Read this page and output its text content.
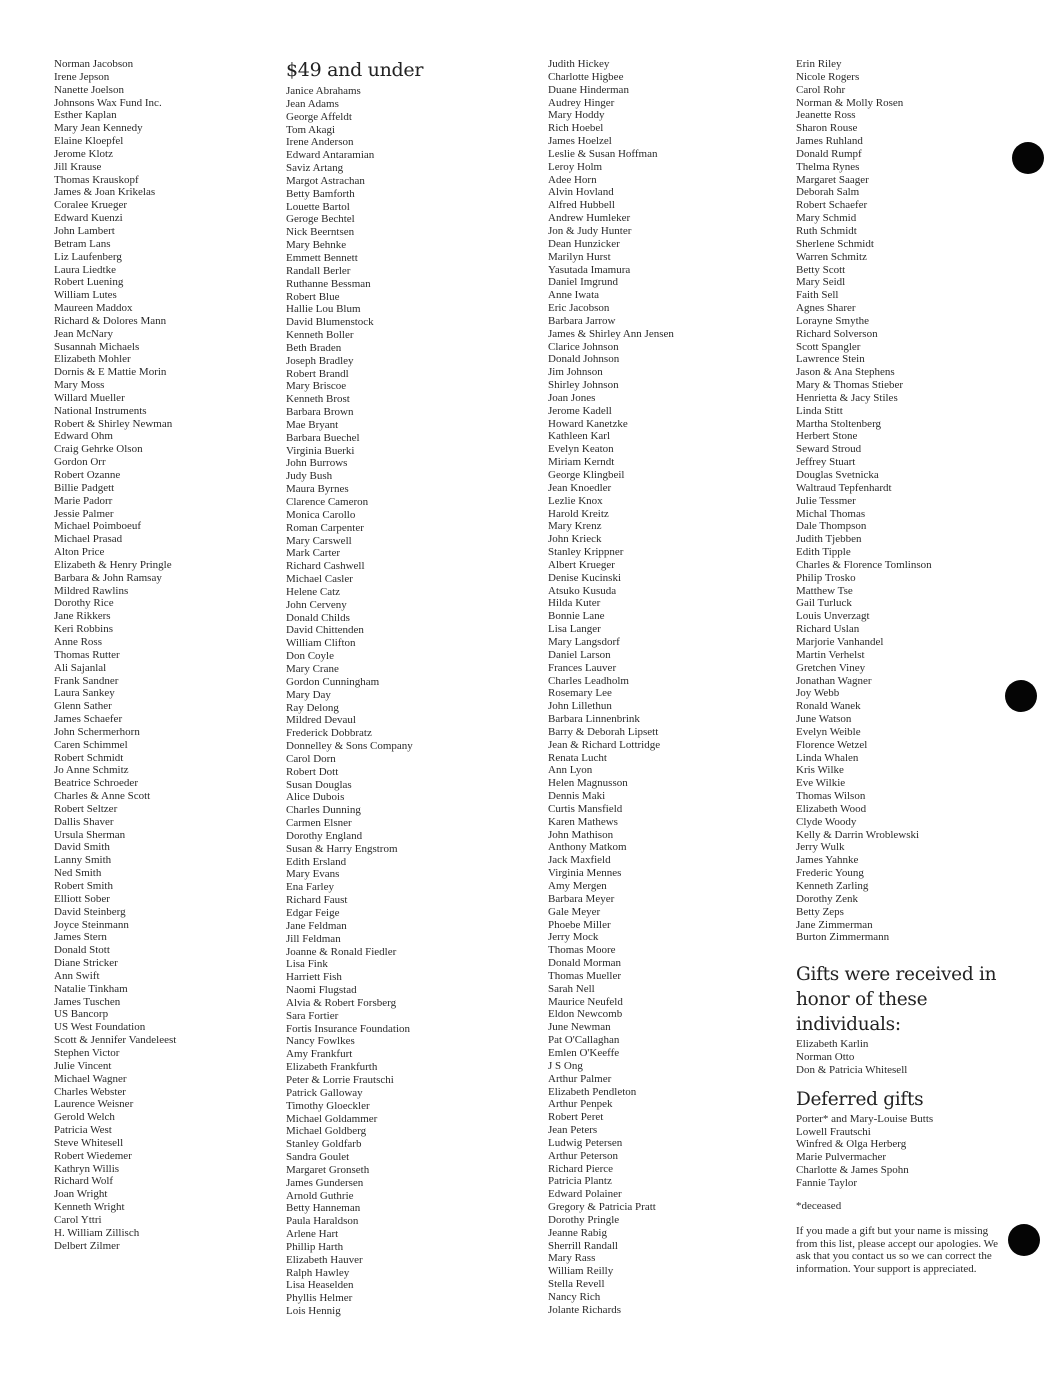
Norman Jacobson
Irene Jepson
Nanette Joelson
Johnsons Wax Fund Inc.
Esther Kaplan
Mary Jean Kennedy
Elaine Kloepfel
Jerome Klotz
Jill Krause
Thomas Krauskopf
James & Joan Krikelas
Coralee Krueger
Edward Kuenzi
John Lambert
Betram Lans
Liz Laufenberg
Laura Liedtke
Robert Luening
William Lutes
Maureen Maddox
Richard & Dolores Mann
Jean McNary
Susannah Michaels
Elizabeth Mohler
Dornis & E Mattie Morin
Mary Moss
Willard Mueller
National Instruments
Robert & Shirley Newman
Edward Ohm
Craig Gehrke Olson
Gordon Orr
Robert Ozanne
Billie Padgett
Marie Padorr
Jessie Palmer
Michael Poimboeuf
Michael Prasad
Alton Price
Elizabeth & Henry Pringle
Barbara & John Ramsay
Mildred Rawlins
Dorothy Rice
Jane Rikkers
Keri Robbins
Anne Ross
Thomas Rutter
Ali Sajanlal
Frank Sandner
Laura Sankey
Glenn Sather
James Schaefer
John Schermerhorn
Caren Schimmel
Robert Schmidt
Jo Anne Schmitz
Beatrice Schroeder
Charles & Anne Scott
Robert Seltzer
Dallis Shaver
Ursula Sherman
David Smith
Lanny Smith
Ned Smith
Robert Smith
Elliott Sober
David Steinberg
Joyce Steinmann
James Stern
Donald Stott
Diane Stricker
Ann Swift
Natalie Tinkham
James Tuschen
US Bancorp
US West Foundation
Scott & Jennifer Vandeleest
Stephen Victor
Julie Vincent
Michael Wagner
Charles Webster
Laurence Weisner
Gerold Welch
Patricia West
Steve Whitesell
Robert Wiedemer
Kathryn Willis
Richard Wolf
Joan Wright
Kenneth Wright
Carol Yttri
H. William Zillisch
Delbert Zilmer
$49 and under
Janice Abrahams
Jean Adams
George Affeldt
Tom Akagi
Irene Anderson
Edward Antaramian
Saviz Artang
Margot Astrachan
Betty Bamforth
Louette Bartol
Geroge Bechtel
Nick Beerntsen
Mary Behnke
Emmett Bennett
Randall Berler
Ruthanne Bessman
Robert Blue
Hallie Lou Blum
David Blumenstock
Kenneth Boller
Beth Braden
Joseph Bradley
Robert Brandl
Mary Briscoe
Kenneth Brost
Barbara Brown
Mae Bryant
Barbara Buechel
Virginia Buerki
John Burrows
Judy Bush
Maura Byrnes
Clarence Cameron
Monica Carollo
Roman Carpenter
Mary Carswell
Mark Carter
Richard Cashwell
Michael Casler
Helene Catz
John Cerveny
Donald Childs
David Chittenden
William Clifton
Don Coyle
Mary Crane
Gordon Cunningham
Mary Day
Ray Delong
Mildred Devaul
Frederick Dobbratz
Donnelley & Sons Company
Carol Dorn
Robert Dott
Susan Douglas
Alice Dubois
Charles Dunning
Carmen Elsner
Dorothy England
Susan & Harry Engstrom
Edith Ersland
Mary Evans
Ena Farley
Richard Faust
Edgar Feige
Jane Feldman
Jill Feldman
Joanne & Ronald Fiedler
Lisa Fink
Harriett Fish
Naomi Flugstad
Alvia & Robert Forsberg
Sara Fortier
Fortis Insurance Foundation
Nancy Fowlkes
Amy Frankfurt
Elizabeth Frankfurth
Peter & Lorrie Frautschi
Patrick Galloway
Timothy Gloeckler
Michael Goldammer
Michael Goldberg
Stanley Goldfarb
Sandra Goulet
Margaret Gronseth
James Gundersen
Arnold Guthrie
Betty Hanneman
Paula Haraldson
Arlene Hart
Phillip Harth
Elizabeth Hauver
Ralph Hawley
Lisa Heaselden
Phyllis Helmer
Lois Hennig
Judith Hickey
Charlotte Higbee
Duane Hinderman
Audrey Hinger
Mary Hoddy
Rich Hoebel
James Hoelzel
Leslie & Susan Hoffman
Leroy Holm
Adee Horn
Alvin Hovland
Alfred Hubbell
Andrew Humleker
Jon & Judy Hunter
Dean Hunzicker
Marilyn Hurst
Yasutada Imamura
Daniel Imgrund
Anne Iwata
Eric Jacobson
Barbara Jarrow
James & Shirley Ann Jensen
Clarice Johnson
Donald Johnson
Jim Johnson
Shirley Johnson
Joan Jones
Jerome Kadell
Howard Kanetzke
Kathleen Karl
Evelyn Keaton
Miriam Kerndt
George Klingbeil
Jean Knoedler
Lezlie Knox
Harold Kreitz
Mary Krenz
John Krieck
Stanley Krippner
Albert Krueger
Denise Kucinski
Atsuko Kusuda
Hilda Kuter
Bonnie Lane
Lisa Langer
Mary Langsdorf
Daniel Larson
Frances Lauver
Charles Leadholm
Rosemary Lee
John Lillethun
Barbara Linnenbrink
Barry & Deborah Lipsett
Jean & Richard Lottridge
Renata Lucht
Ann Lyon
Helen Magnusson
Dennis Maki
Curtis Mansfield
Karen Mathews
John Mathison
Anthony Matkom
Jack Maxfield
Virginia Mennes
Amy Mergen
Barbara Meyer
Gale Meyer
Phoebe Miller
Jerry Mock
Thomas Moore
Donald Morman
Thomas Mueller
Sarah Nell
Maurice Neufeld
Eldon Newcomb
June Newman
Pat O'Callaghan
Emlen O'Keeffe
J S Ong
Arthur Palmer
Elizabeth Pendleton
Arthur Penpek
Robert Peret
Jean Peters
Ludwig Petersen
Arthur Peterson
Richard Pierce
Patricia Plantz
Edward Polainer
Gregory & Patricia Pratt
Dorothy Pringle
Jeanne Rabig
Sherrill Randall
Mary Rass
William Reilly
Stella Revell
Nancy Rich
Jolante Richards
Erin Riley
Nicole Rogers
Carol Rohr
Norman & Molly Rosen
Jeanette Ross
Sharon Rouse
James Ruhland
Donald Rumpf
Thelma Rynes
Margaret Saager
Deborah Salm
Robert Schaefer
Mary Schmid
Ruth Schmidt
Sherlene Schmidt
Warren Schmitz
Betty Scott
Mary Seidl
Faith Sell
Agnes Sharer
Lorayne Smythe
Richard Solverson
Scott Spangler
Lawrence Stein
Jason & Ana Stephens
Mary & Thomas Stieber
Henrietta & Jacy Stiles
Linda Stitt
Martha Stoltenberg
Herbert Stone
Seward Stroud
Jeffrey Stuart
Douglas Svetnicka
Waltraud Tepfenhardt
Julie Tessmer
Michal Thomas
Dale Thompson
Judith Tjebben
Edith Tipple
Charles & Florence Tomlinson
Philip Trosko
Matthew Tse
Gail Turluck
Louis Unverzagt
Richard Uslan
Marjorie Vanhandel
Martin Verhelst
Gretchen Viney
Jonathan Wagner
Joy Webb
Ronald Wanek
June Watson
Evelyn Weible
Florence Wetzel
Linda Whalen
Kris Wilke
Eve Wilkie
Thomas Wilson
Elizabeth Wood
Clyde Woody
Kelly & Darrin Wroblewski
Jerry Wulk
James Yahnke
Frederic Young
Kenneth Zarling
Dorothy Zenk
Betty Zeps
Jane Zimmerman
Burton Zimmermann
Gifts were received in honor of these individuals:
Elizabeth Karlin
Norman Otto
Don & Patricia Whitesell
Deferred gifts
Porter* and Mary-Louise Butts
Lowell Frautschi
Winfred & Olga Herberg
Marie Pulvermacher
Charlotte & James Spohn
Fannie Taylor
*deceased
If you made a gift but your name is missing from this list, please accept our apologies. We ask that you contact us so we can correct the information. Your support is appreciated.
